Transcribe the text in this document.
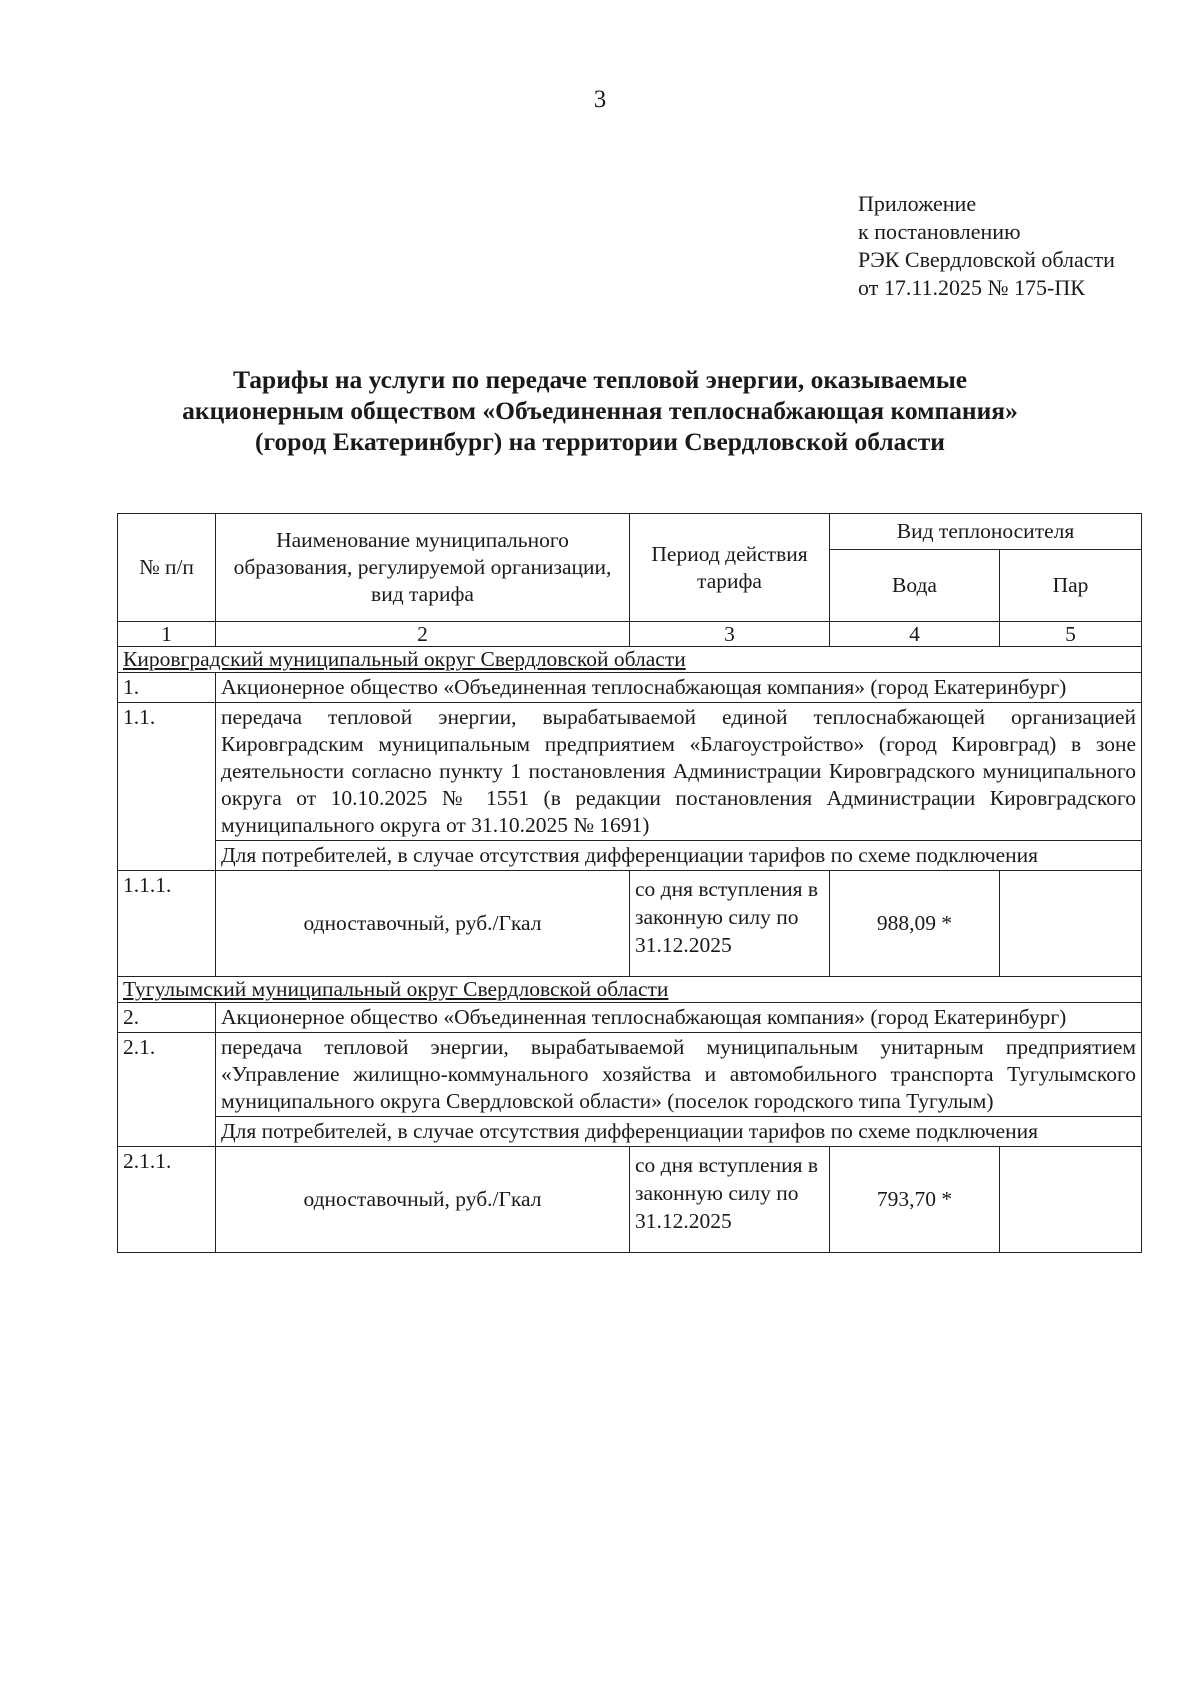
3
Приложение
к постановлению
РЭК Свердловской области
от 17.11.2025 № 175-ПК
Тарифы на услуги по передаче тепловой энергии, оказываемые
акционерным обществом «Объединенная теплоснабжающая компания»
(город Екатеринбург) на территории Свердловской области
№ п/п	Наименование муниципального образования, регулируемой организации, вид тарифа	Период действия тарифа	Вид теплоносителя	
			Вода	Пар
1	2	3	4	5
Кировградский муниципальный округ Свердловской области				
1.	Акционерное общество «Объединенная теплоснабжающая компания» (город Екатеринбург)			
1.1.	передача тепловой энергии, вырабатываемой единой теплоснабжающей организацией Кировградским муниципальным предприятием «Благоустройство» (город Кировград) в зоне деятельности согласно пункту 1 постановления Администрации Кировградского муниципального округа от 10.10.2025 № 1551 (в редакции постановления Администрации Кировградского муниципального округа от 31.10.2025 № 1691)			
	Для потребителей, в случае отсутствия дифференциации тарифов по схеме подключения			
1.1.1.	одноставочный, руб./Гкал	со дня вступления в законную силу по 31.12.2025	988,09 *	
Тугулымский муниципальный округ Свердловской области				
2.	Акционерное общество «Объединенная теплоснабжающая компания» (город Екатеринбург)			
2.1.	передача тепловой энергии, вырабатываемой муниципальным унитарным предприятием «Управление жилищно-коммунального хозяйства и автомобильного транспорта Тугулымского муниципального округа Свердловской области» (поселок городского типа Тугулым)			
	Для потребителей, в случае отсутствия дифференциации тарифов по схеме подключения			
2.1.1.	одноставочный, руб./Гкал	со дня вступления в законную силу по 31.12.2025	793,70 *	
